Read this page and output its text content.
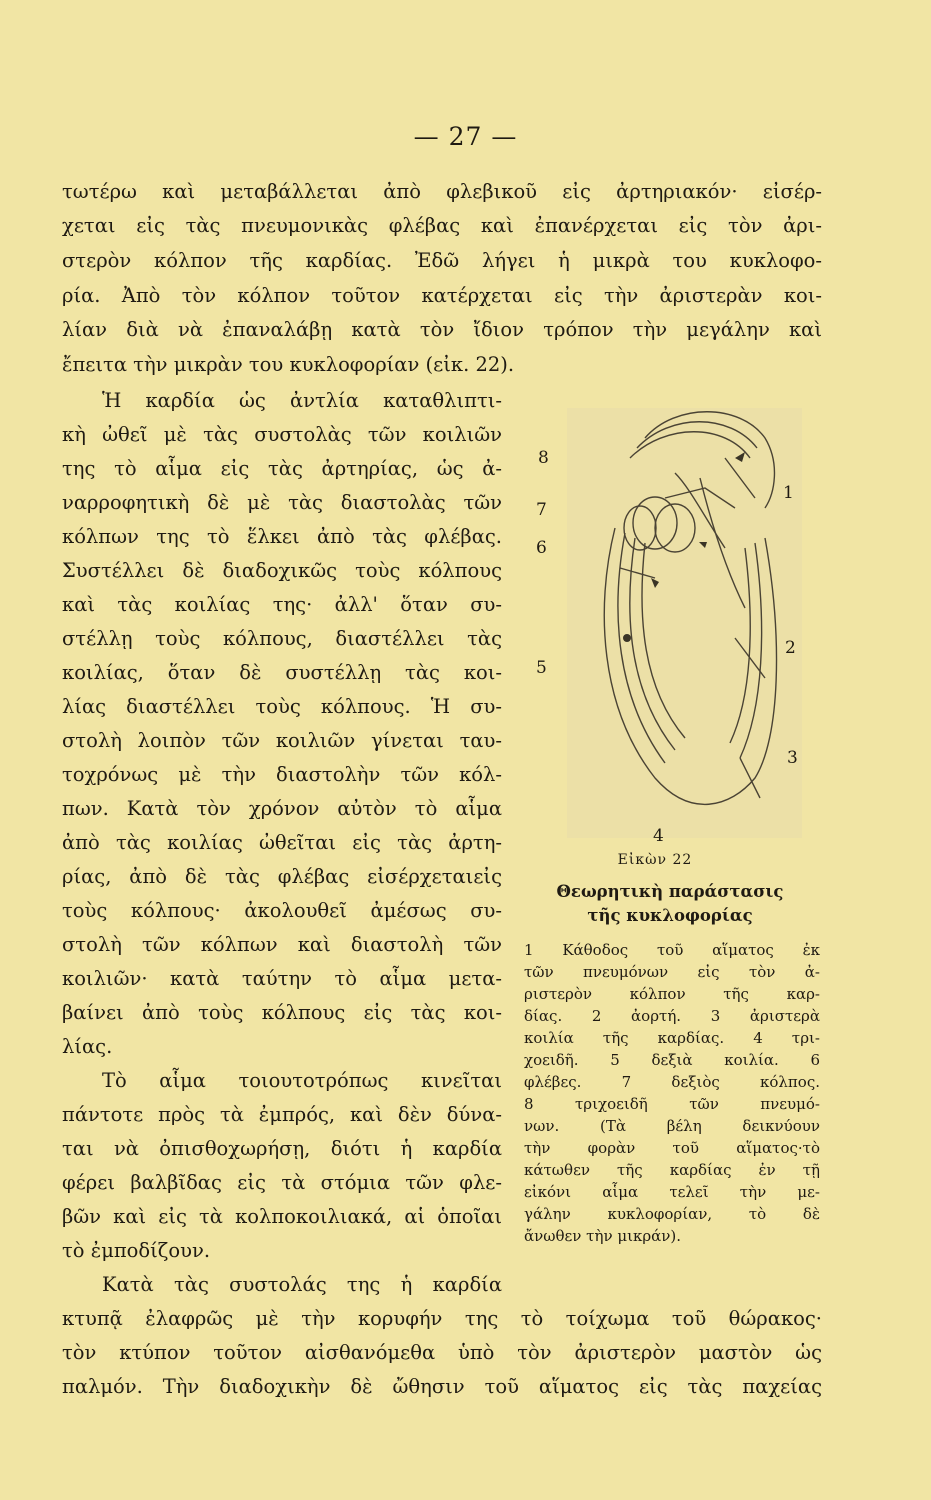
— 27 —
τωτέρω καὶ μεταβάλλεται ἀπὸ φλεβικοῦ εἰς ἀρτηριακόν· εἰσέρ-
χεται εἰς τὰς πνευμονικὰς φλέβας καὶ ἐπανέρχεται εἰς τὸν ἀρι-
στερὸν κόλπον τῆς καρδίας. Ἐδῶ λήγει ἡ μικρὰ του κυκλοφο-
ρία. Ἀπὸ τὸν κόλπον τοῦτον κατέρχεται εἰς τὴν ἀριστερὰν κοι-
λίαν διὰ νὰ ἐπαναλάβῃ κατὰ τὸν ἴδιον τρόπον τὴν μεγάλην καὶ
ἔπειτα τὴν μικρὰν του κυκλοφορίαν (εἰκ. 22).
Ἡ καρδία ὡς ἀντλία καταθλιπτι-
κὴ ὠθεῖ μὲ τὰς συστολὰς τῶν κοιλιῶν
της τὸ αἷμα εἰς τὰς ἀρτηρίας, ὡς ἀ-
ναρροφητικὴ δὲ μὲ τὰς διαστολὰς τῶν
κόλπων της τὸ ἕλκει ἀπὸ τὰς φλέβας.
Συστέλλει δὲ διαδοχικῶς τοὺς κόλπους
καὶ τὰς κοιλίας της· ἀλλ' ὅταν συ-
στέλλῃ τοὺς κόλπους, διαστέλλει τὰς
κοιλίας, ὅταν δὲ συστέλλῃ τὰς κοι-
λίας διαστέλλει τοὺς κόλπους. Ἡ συ-
στολὴ λοιπὸν τῶν κοιλιῶν γίνεται ταυ-
τοχρόνως μὲ τὴν διαστολὴν τῶν κόλ-
πων. Κατὰ τὸν χρόνον αὐτὸν τὸ αἷμα
ἀπὸ τὰς κοιλίας ὠθεῖται εἰς τὰς ἀρτη-
ρίας, ἀπὸ δὲ τὰς φλέβας εἰσέρχεταιεἰς
τοὺς κόλπους· ἀκολουθεῖ ἀμέσως συ-
στολὴ τῶν κόλπων καὶ διαστολὴ τῶν
κοιλιῶν· κατὰ ταύτην τὸ αἷμα μετα-
βαίνει ἀπὸ τοὺς κόλπους εἰς τὰς κοι-
λίας.
Τὸ αἷμα τοιουτοτρόπως κινεῖται
πάντοτε πρὸς τὰ ἐμπρός, καὶ δὲν δύνα-
ται νὰ ὀπισθοχωρήσῃ, διότι ἡ καρδία
φέρει βαλβῖδας εἰς τὰ στόμια τῶν φλε-
βῶν καὶ εἰς τὰ κολποκοιλιακά, αἱ ὁποῖαι
τὸ ἐμποδίζουν.
Κατὰ τὰς συστολάς της ἡ καρδία
κτυπᾷ ἐλαφρῶς μὲ τὴν κορυφήν της τὸ τοίχωμα τοῦ θώρακος·
τὸν κτύπον τοῦτον αἰσθανόμεθα ὑπὸ τὸν ἀριστερὸν μαστὸν ὡς
παλμόν. Τὴν διαδοχικὴν δὲ ὤθησιν τοῦ αἵματος εἰς τὰς παχείας
8
7
6
5
1
2
3
4
Εἰκὼν 22
Θεωρητικὴ παράστασις
τῆς κυκλοφορίας
1 Κάθοδος τοῦ αἵματος ἐκ
τῶν πνευμόνων εἰς τὸν ἀ-
ριστερὸν κόλπον τῆς καρ-
δίας. 2 ἀορτή. 3 ἀριστερὰ
κοιλία τῆς καρδίας. 4 τρι-
χοειδῆ. 5 δεξιὰ κοιλία. 6
φλέβες. 7 δεξιὸς κόλπος.
8 τριχοειδῆ τῶν πνευμό-
νων. (Τὰ βέλη δεικνύουν
τὴν φορὰν τοῦ αἵματος·τὸ
κάτωθεν τῆς καρδίας ἐν τῇ
εἰκόνι αἷμα τελεῖ τὴν με-
γάλην κυκλοφορίαν, τὸ δὲ
ἄνωθεν τὴν μικράν).
